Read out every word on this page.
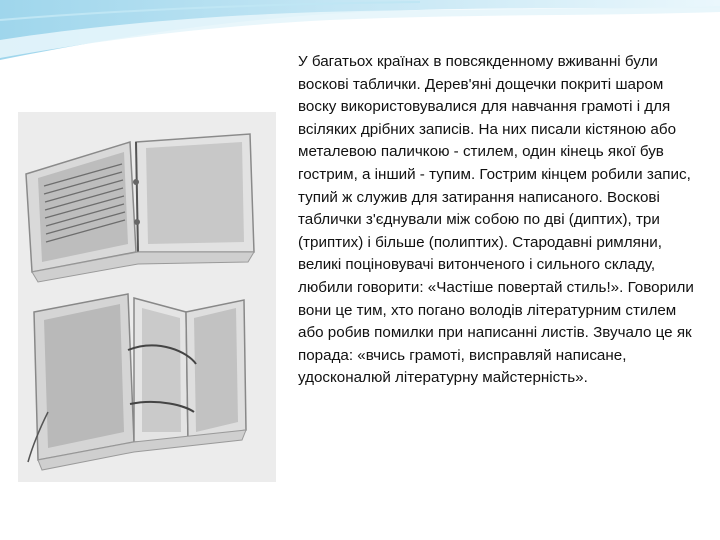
У багатьох країнах в повсякденному вживанні були воскові таблички. Дерев'яні дощечки покриті шаром воску використовувалися для навчання грамоті і для всіляких дрібних записів. На них писали кістяною або металевою паличкою - стилем, один кінець якої був гострим, а інший - тупим. Гострим кінцем робили запис, тупий ж служив для затирання написаного. Воскові таблички з'єднували між собою по дві (диптих), три (триптих) і більше (полиптих). Стародавні римляни, великі поціновувачі витонченого і сильного складу, любили говорити: «Частіше повертай стиль!». Говорили вони це тим, хто погано володів літературним стилем або робив помилки при написанні листів. Звучало це як порада: «вчись грамоті, висправляй написане, удосконалюй літературну майстерність».
